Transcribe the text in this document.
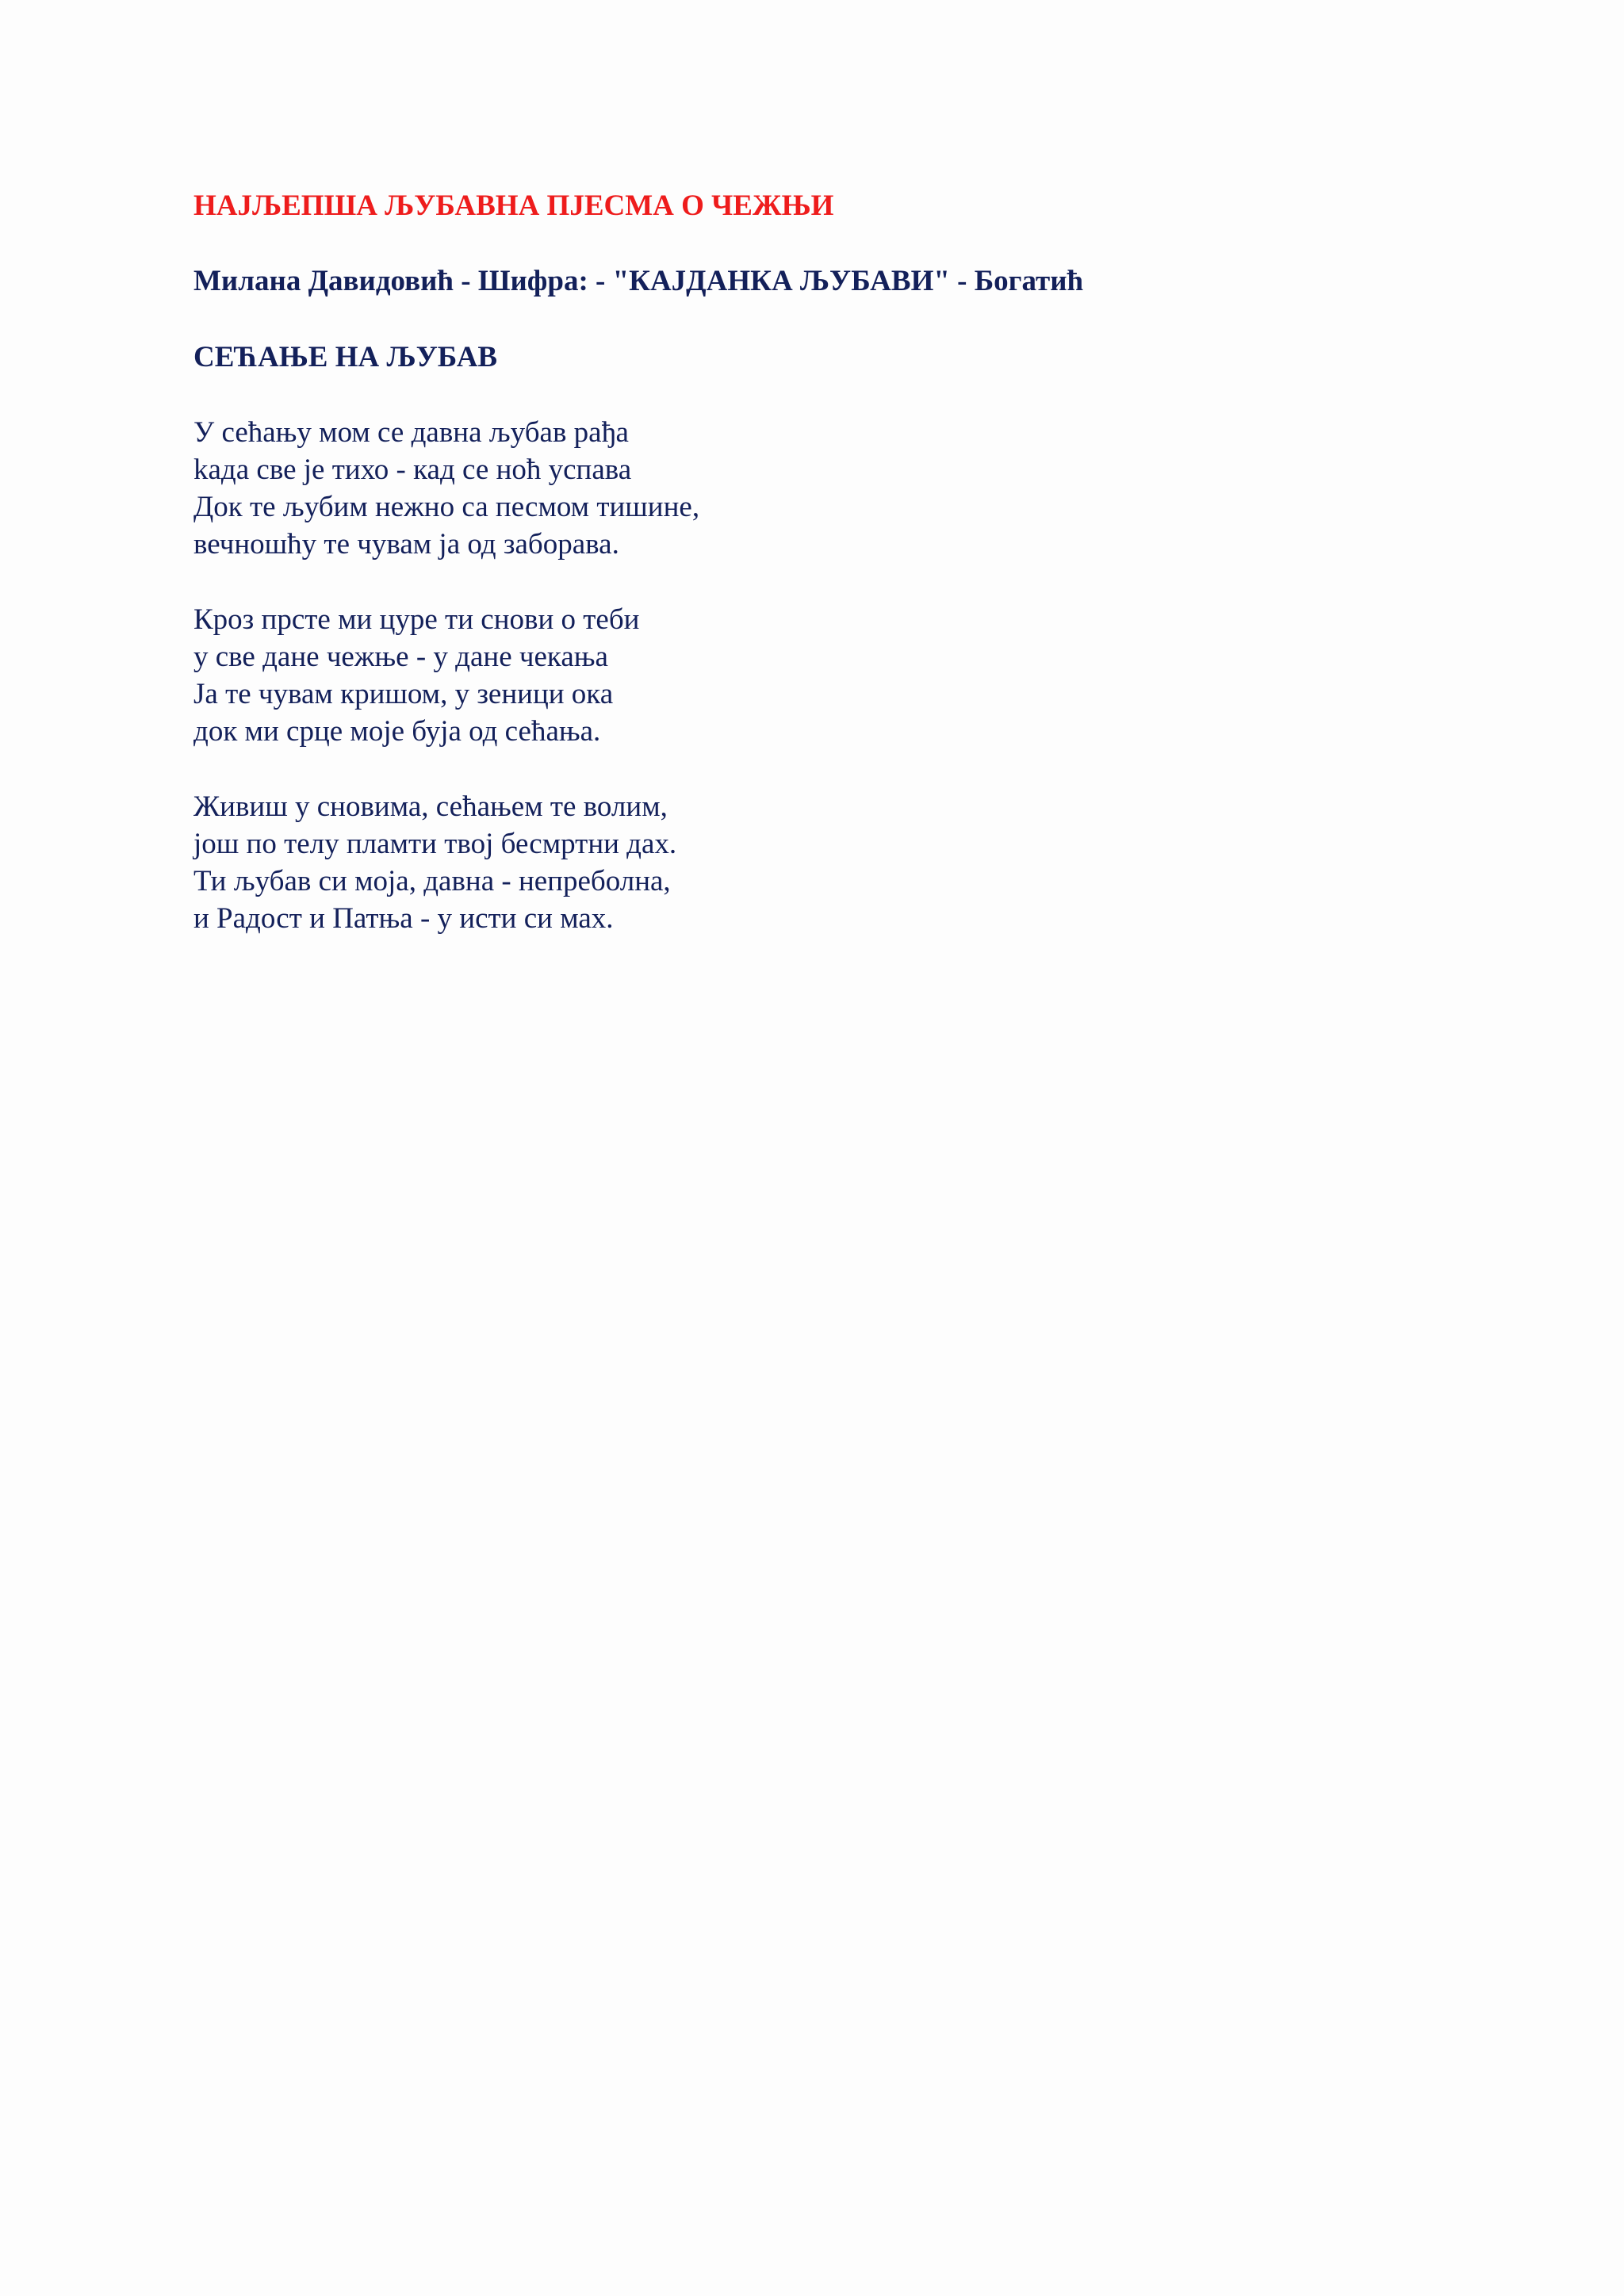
НАЈЉЕПША ЉУБАВНА ПЈЕСМА О ЧЕЖЊИ

Милана Давидовић - Шифра: - "КАЈДАНКА ЉУБАВИ" - Богатић

СЕЋАЊЕ НА ЉУБАВ

У сећању мом се давна љубав рађа
kада све је тихо - кад се ноћ успава
Док те љубим нежно са песмом тишине,
вечношћу те чувам ја од заборава.
Кроз прсте ми цуре ти снови о теби
у све дане чежње - у дане чекања
Ја те чувам кришом, у зеници ока
док ми срце моје буја од сећања.
Живиш у сновима, сећањем те волим,
још по телу пламти твој бесмртни дах.
Ти љубав си моја, давна - непреболна,
и Радост и Патња - у исти си мах.
